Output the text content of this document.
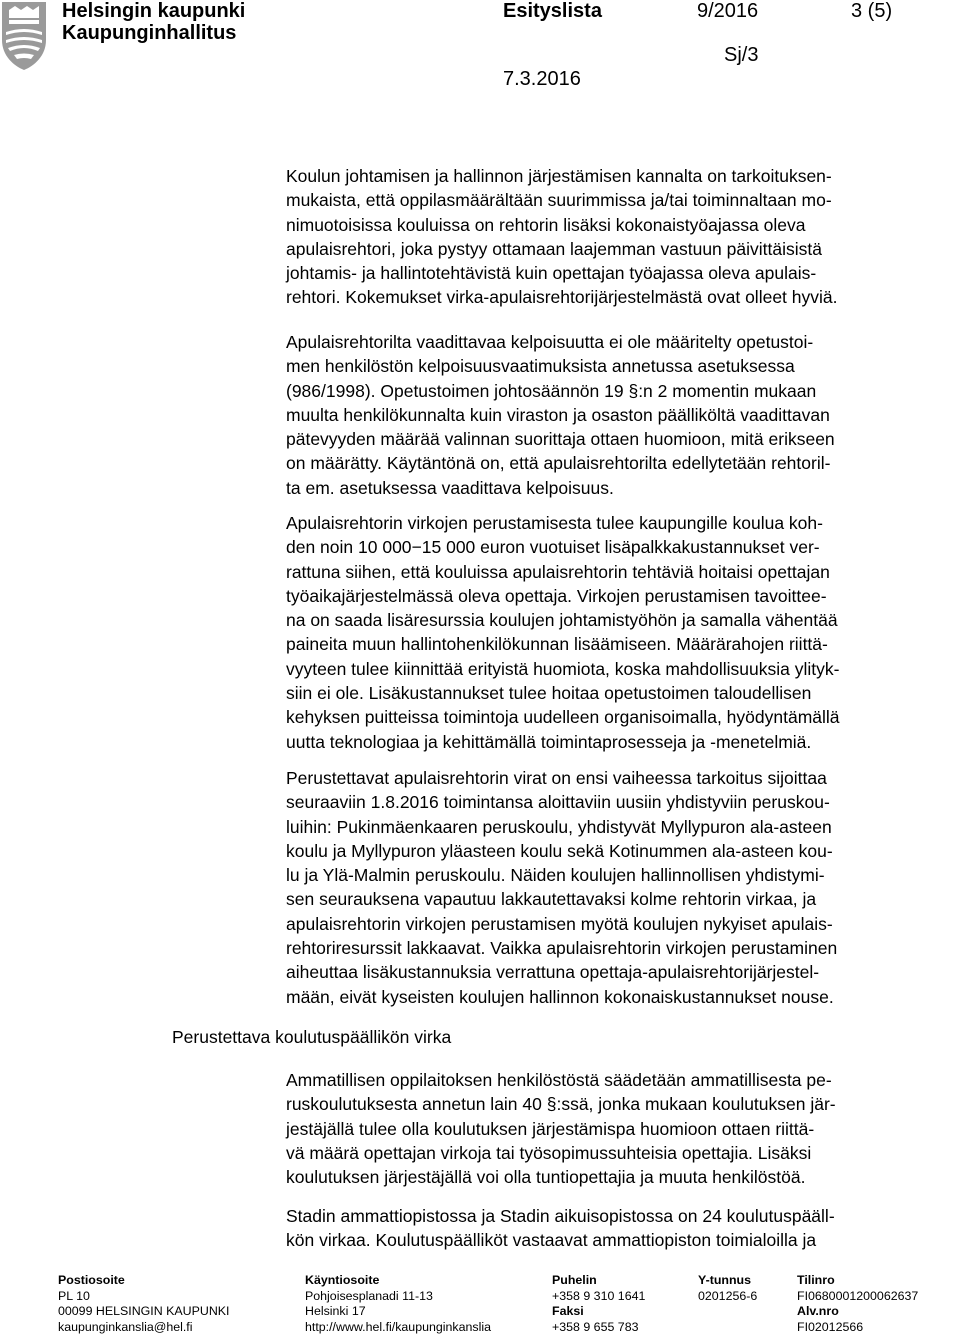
Helsingin kaupunki
Kaupunginhallitus
Esityslista	9/2016	3 (5)
Sj/3
7.3.2016
Perustettava koulutuspäällikön virka
Koulun johtamisen ja hallinnon järjestämisen kannalta on tarkoituksen-
mukaista, että oppilasmäärältään suurimmissa ja/tai toiminnaltaan mo-
nimuotoisissa kouluissa on rehtorin lisäksi kokonaistyöajassa oleva
apulaisrehtori, joka pystyy ottamaan laajemman vastuun päivittäisistä
johtamis- ja hallintotehtävistä kuin opettajan työajassa oleva apulais-
rehtori. Kokemukset virka-apulaisrehtorijärjestelmästä ovat olleet hyviä.
Apulaisrehtorilta vaadittavaa kelpoisuutta ei ole määritelty opetustoi-
men henkilöstön kelpoisuusvaatimuksista annetussa asetuksessa
(986/1998). Opetustoimen johtosäännön 19 §:n 2 momentin mukaan
muulta henkilökunnalta kuin viraston ja osaston päälliköltä vaadittavan
pätevyyden määrää valinnan suorittaja ottaen huomioon, mitä erikseen
on määrätty. Käytäntönä on, että apulaisrehtorilta edellytetään rehtoril-
ta em. asetuksessa vaadittava kelpoisuus.
Apulaisrehtorin virkojen perustamisesta tulee kaupungille koulua koh-
den noin 10 000−15 000 euron vuotuiset lisäpalkkakustannukset ver-
rattuna siihen, että kouluissa apulaisrehtorin tehtäviä hoitaisi opettajan
työaikajärjestelmässä oleva opettaja. Virkojen perustamisen tavoittee-
na on saada lisäresurssia koulujen johtamistyöhön ja samalla vähentää
paineita muun hallintohenkilökunnan lisäämiseen. Määrärahojen riittä-
vyyteen tulee kiinnittää erityistä huomiota, koska mahdollisuuksia ylityk-
siin ei ole. Lisäkustannukset tulee hoitaa opetustoimen taloudellisen
kehyksen puitteissa toimintoja uudelleen organisoimalla, hyödyntämällä
uutta teknologiaa ja kehittämällä toimintaprosesseja ja -menetelmiä.
Perustettavat apulaisrehtorin virat on ensi vaiheessa tarkoitus sijoittaa
seuraaviin 1.8.2016 toimintansa aloittaviin uusiin yhdistyviin peruskou-
luihin: Pukinmäenkaaren peruskoulu, yhdistyvät Myllypuron ala-asteen
koulu ja Myllypuron yläasteen koulu sekä Kotinummen ala-asteen kou-
lu ja Ylä-Malmin peruskoulu. Näiden koulujen hallinnollisen yhdistymi-
sen seurauksena vapautuu lakkautettavaksi kolme rehtorin virkaa, ja
apulaisrehtorin virkojen perustamisen myötä koulujen nykyiset apulais-
rehtoriresurssit lakkaavat. Vaikka apulaisrehtorin virkojen perustaminen
aiheuttaa lisäkustannuksia verrattuna opettaja-apulaisrehtorijärjestel-
mään, eivät kyseisten koulujen hallinnon kokonaiskustannukset nouse.
Ammatillisen oppilaitoksen henkilöstöstä säädetään ammatillisesta pe-
ruskoulutuksesta annetun lain 40 §:ssä, jonka mukaan koulutuksen jär-
jestäjällä tulee olla koulutuksen järjestämispa huomioon ottaen riittä-
vä määrä opettajan virkoja tai työsopimussuhteisia opettajia. Lisäksi
koulutuksen järjestäjällä voi olla tuntiopettajia ja muuta henkilöstöä.
Stadin ammattiopistossa ja Stadin aikuisopistossa on 24 koulutuspääll-
kön virkaa. Koulutuspäälliköt vastaavat ammattiopiston toimialoilla ja
Postiosoite
PL 10
00099 HELSINGIN KAUPUNKI
kaupunginkanslia@hel.fi
Käyntiosoite
Pohjoisesplanadi 11-13
Helsinki 17
http://www.hel.fi/kaupunginkanslia
Puhelin
+358 9 310 1641
Faksi
+358 9 655 783
Y-tunnus
0201256-6
Tilinro
FI0680001200062637
Alv.nro
FI02012566
